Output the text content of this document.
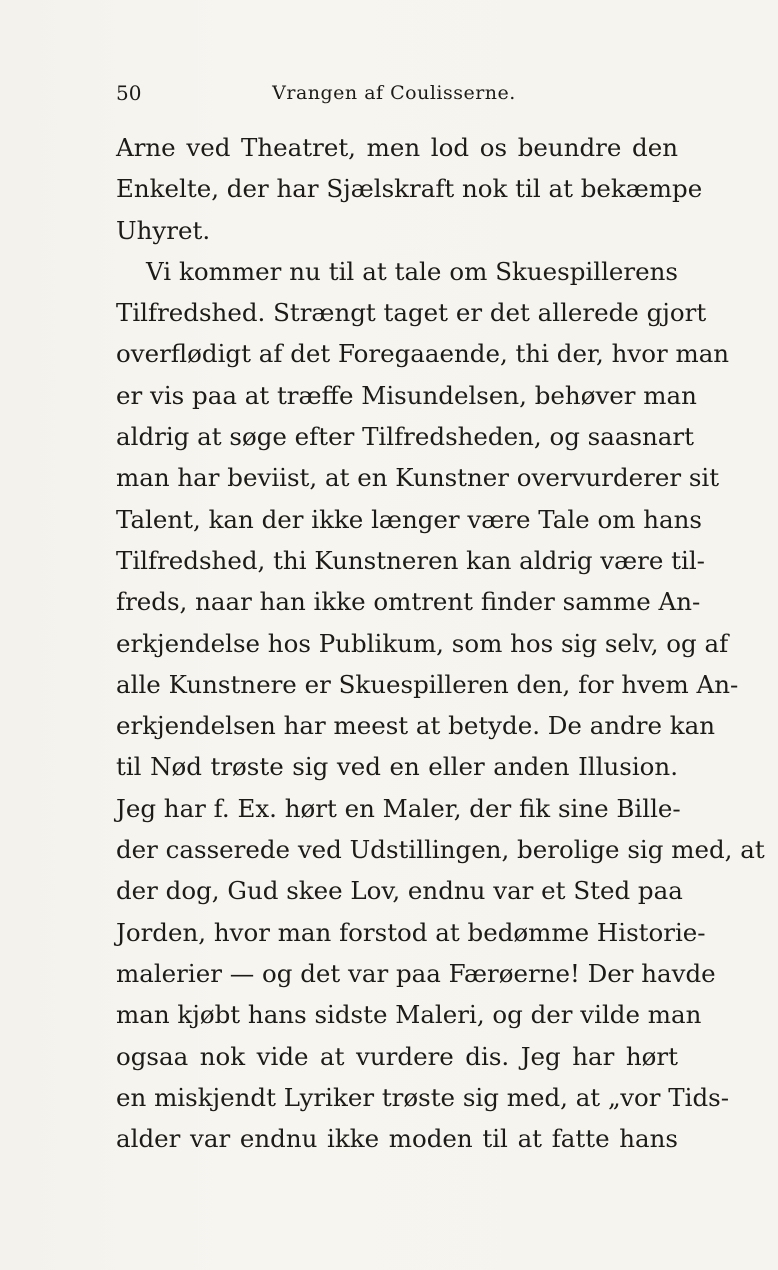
50	Vrangen af Coulisserne.
Arne ved Theatret, men lod os beundre den
Enkelte, der har Sjælskraft nok til at bekæmpe
Uhyret.
Vi kommer nu til at tale om Skuespillerens
Tilfredshed. Strængt taget er det allerede gjort
overflødigt af det Foregaaende, thi der, hvor man
er vis paa at træffe Misundelsen, behøver man
aldrig at søge efter Tilfredsheden, og saasnart
man har beviist, at en Kunstner overvurderer sit
Talent, kan der ikke længer være Tale om hans
Tilfredshed, thi Kunstneren kan aldrig være til-
freds, naar han ikke omtrent finder samme An-
erkjendelse hos Publikum, som hos sig selv, og af
alle Kunstnere er Skuespilleren den, for hvem An-
erkjendelsen har meest at betyde. De andre kan
til Nød trøste sig ved en eller anden Illusion.
Jeg har f. Ex. hørt en Maler, der fik sine Bille-
der casserede ved Udstillingen, berolige sig med, at
der dog, Gud skee Lov, endnu var et Sted paa
Jorden, hvor man forstod at bedømme Historie-
malerier — og det var paa Færøerne! Der havde
man kjøbt hans sidste Maleri, og der vilde man
ogsaa nok vide at vurdere dis. Jeg har hørt
en miskjendt Lyriker trøste sig med, at „vor Tids-
alder var endnu ikke moden til at fatte hans
